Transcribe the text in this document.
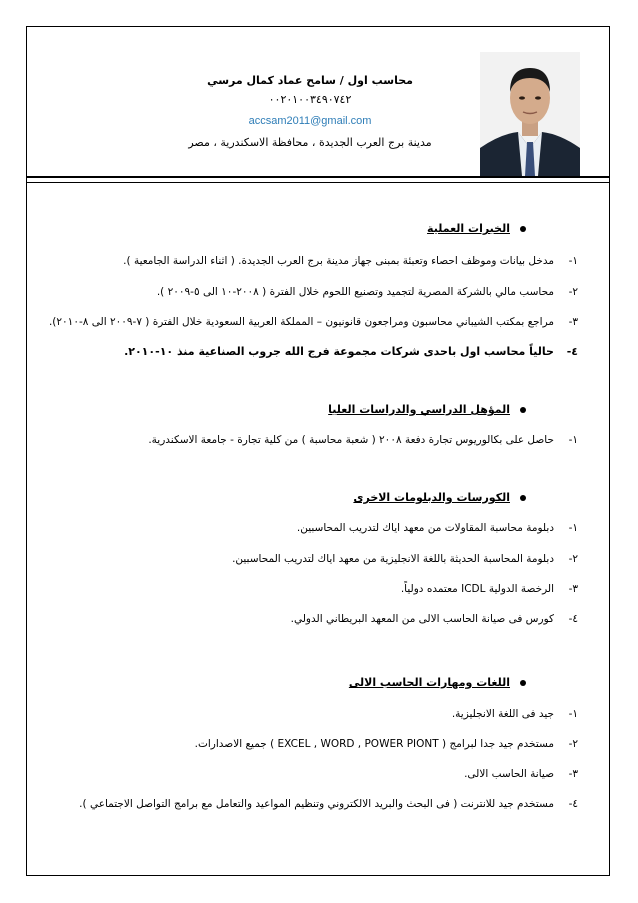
محاسب اول / سامح عماد كمال مرسي
٠٠٢٠١٠٠٣٤٩٠٧٤٢
accsam2011@gmail.com
مدينة برج العرب الجديدة ، محافظة الاسكندرية ، مصر
الخبرات العملية
١-مدخل بيانات وموظف احصاء وتعبئة بمبنى جهاز مدينة برج العرب الجديدة. ( اثناء الدراسة الجامعية ).
٢-محاسب مالي بالشركة المصرية لتجميد وتصنيع اللحوم خلال الفترة ( ٢٠٠٨-١٠ الى ٥-٢٠٠٩ ).
٣-مراجع بمكتب الشيباني محاسبون ومراجعون قانونيون – المملكة العربية السعودية خلال الفترة ( ٧-٢٠٠٩ الى ٨-٢٠١٠).
٤-حالياً محاسب اول باحدى شركات مجموعة فرج الله جروب الصناعية منذ ١٠-٢٠١٠.
المؤهل الدراسي والدراسات العليا
١-حاصل على بكالوريوس تجارة دفعة ٢٠٠٨ ( شعبة محاسبة ) من كلية تجارة - جامعة الاسكندرية.
الكورسات والدبلومات الاخرى
١-دبلومة محاسبة المقاولات من معهد اياك لتدريب المحاسبين.
٢-دبلومة المحاسبة الحديثة باللغة الانجليزية من معهد اياك لتدريب المحاسبين.
٣-الرخصة الدولية ICDL معتمده دولياً.
٤-كورس فى صيانة الحاسب الالى من المعهد البريطاني الدولي.
اللغات ومهارات الحاسب الالى
١-جيد فى اللغة الانجليزية.
٢-مستخدم جيد جدا لبرامج ( EXCEL , WORD , POWER PIONT ) جميع الاصدارات.
٣-صيانة الحاسب الالى.
٤-مستخدم جيد للانترنت ( فى البحث والبريد الالكتروني وتنظيم المواعيد والتعامل مع برامج التواصل الاجتماعي ).
